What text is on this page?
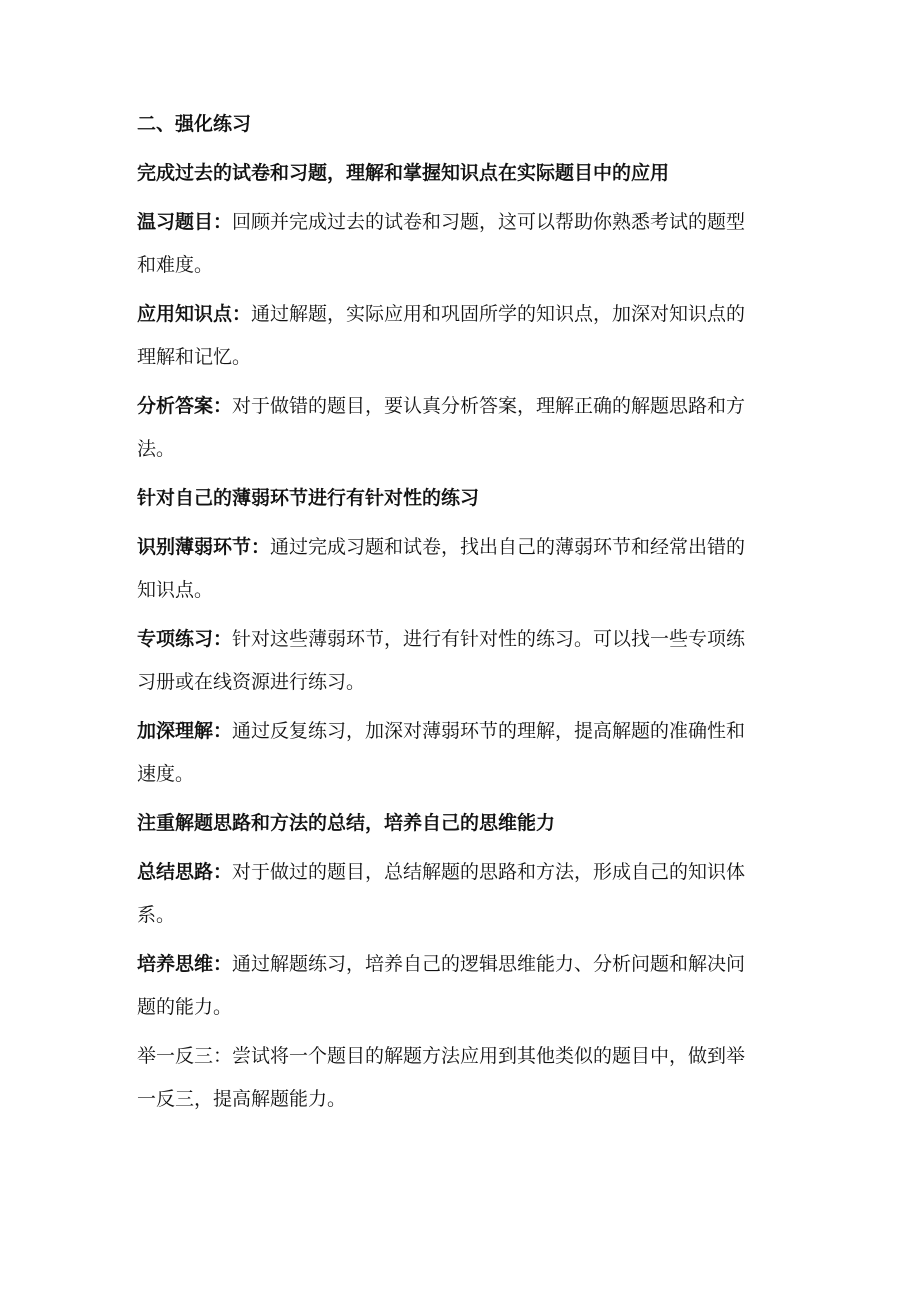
二、强化练习

完成过去的试卷和习题，理解和掌握知识点在实际题目中的应用

温习题目：回顾并完成过去的试卷和习题，这可以帮助你熟悉考试的题型

和难度。

应用知识点：通过解题，实际应用和巩固所学的知识点，加深对知识点的

理解和记忆。

分析答案：对于做错的题目，要认真分析答案，理解正确的解题思路和方

法。

针对自己的薄弱环节进行有针对性的练习

识别薄弱环节：通过完成习题和试卷，找出自己的薄弱环节和经常出错的

知识点。

专项练习：针对这些薄弱环节，进行有针对性的练习。可以找一些专项练

习册或在线资源进行练习。

加深理解：通过反复练习，加深对薄弱环节的理解，提高解题的准确性和

速度。

注重解题思路和方法的总结，培养自己的思维能力

总结思路：对于做过的题目，总结解题的思路和方法，形成自己的知识体

系。

培养思维：通过解题练习，培养自己的逻辑思维能力、分析问题和解决问

题的能力。

举一反三：尝试将一个题目的解题方法应用到其他类似的题目中，做到举

一反三，提高解题能力。
